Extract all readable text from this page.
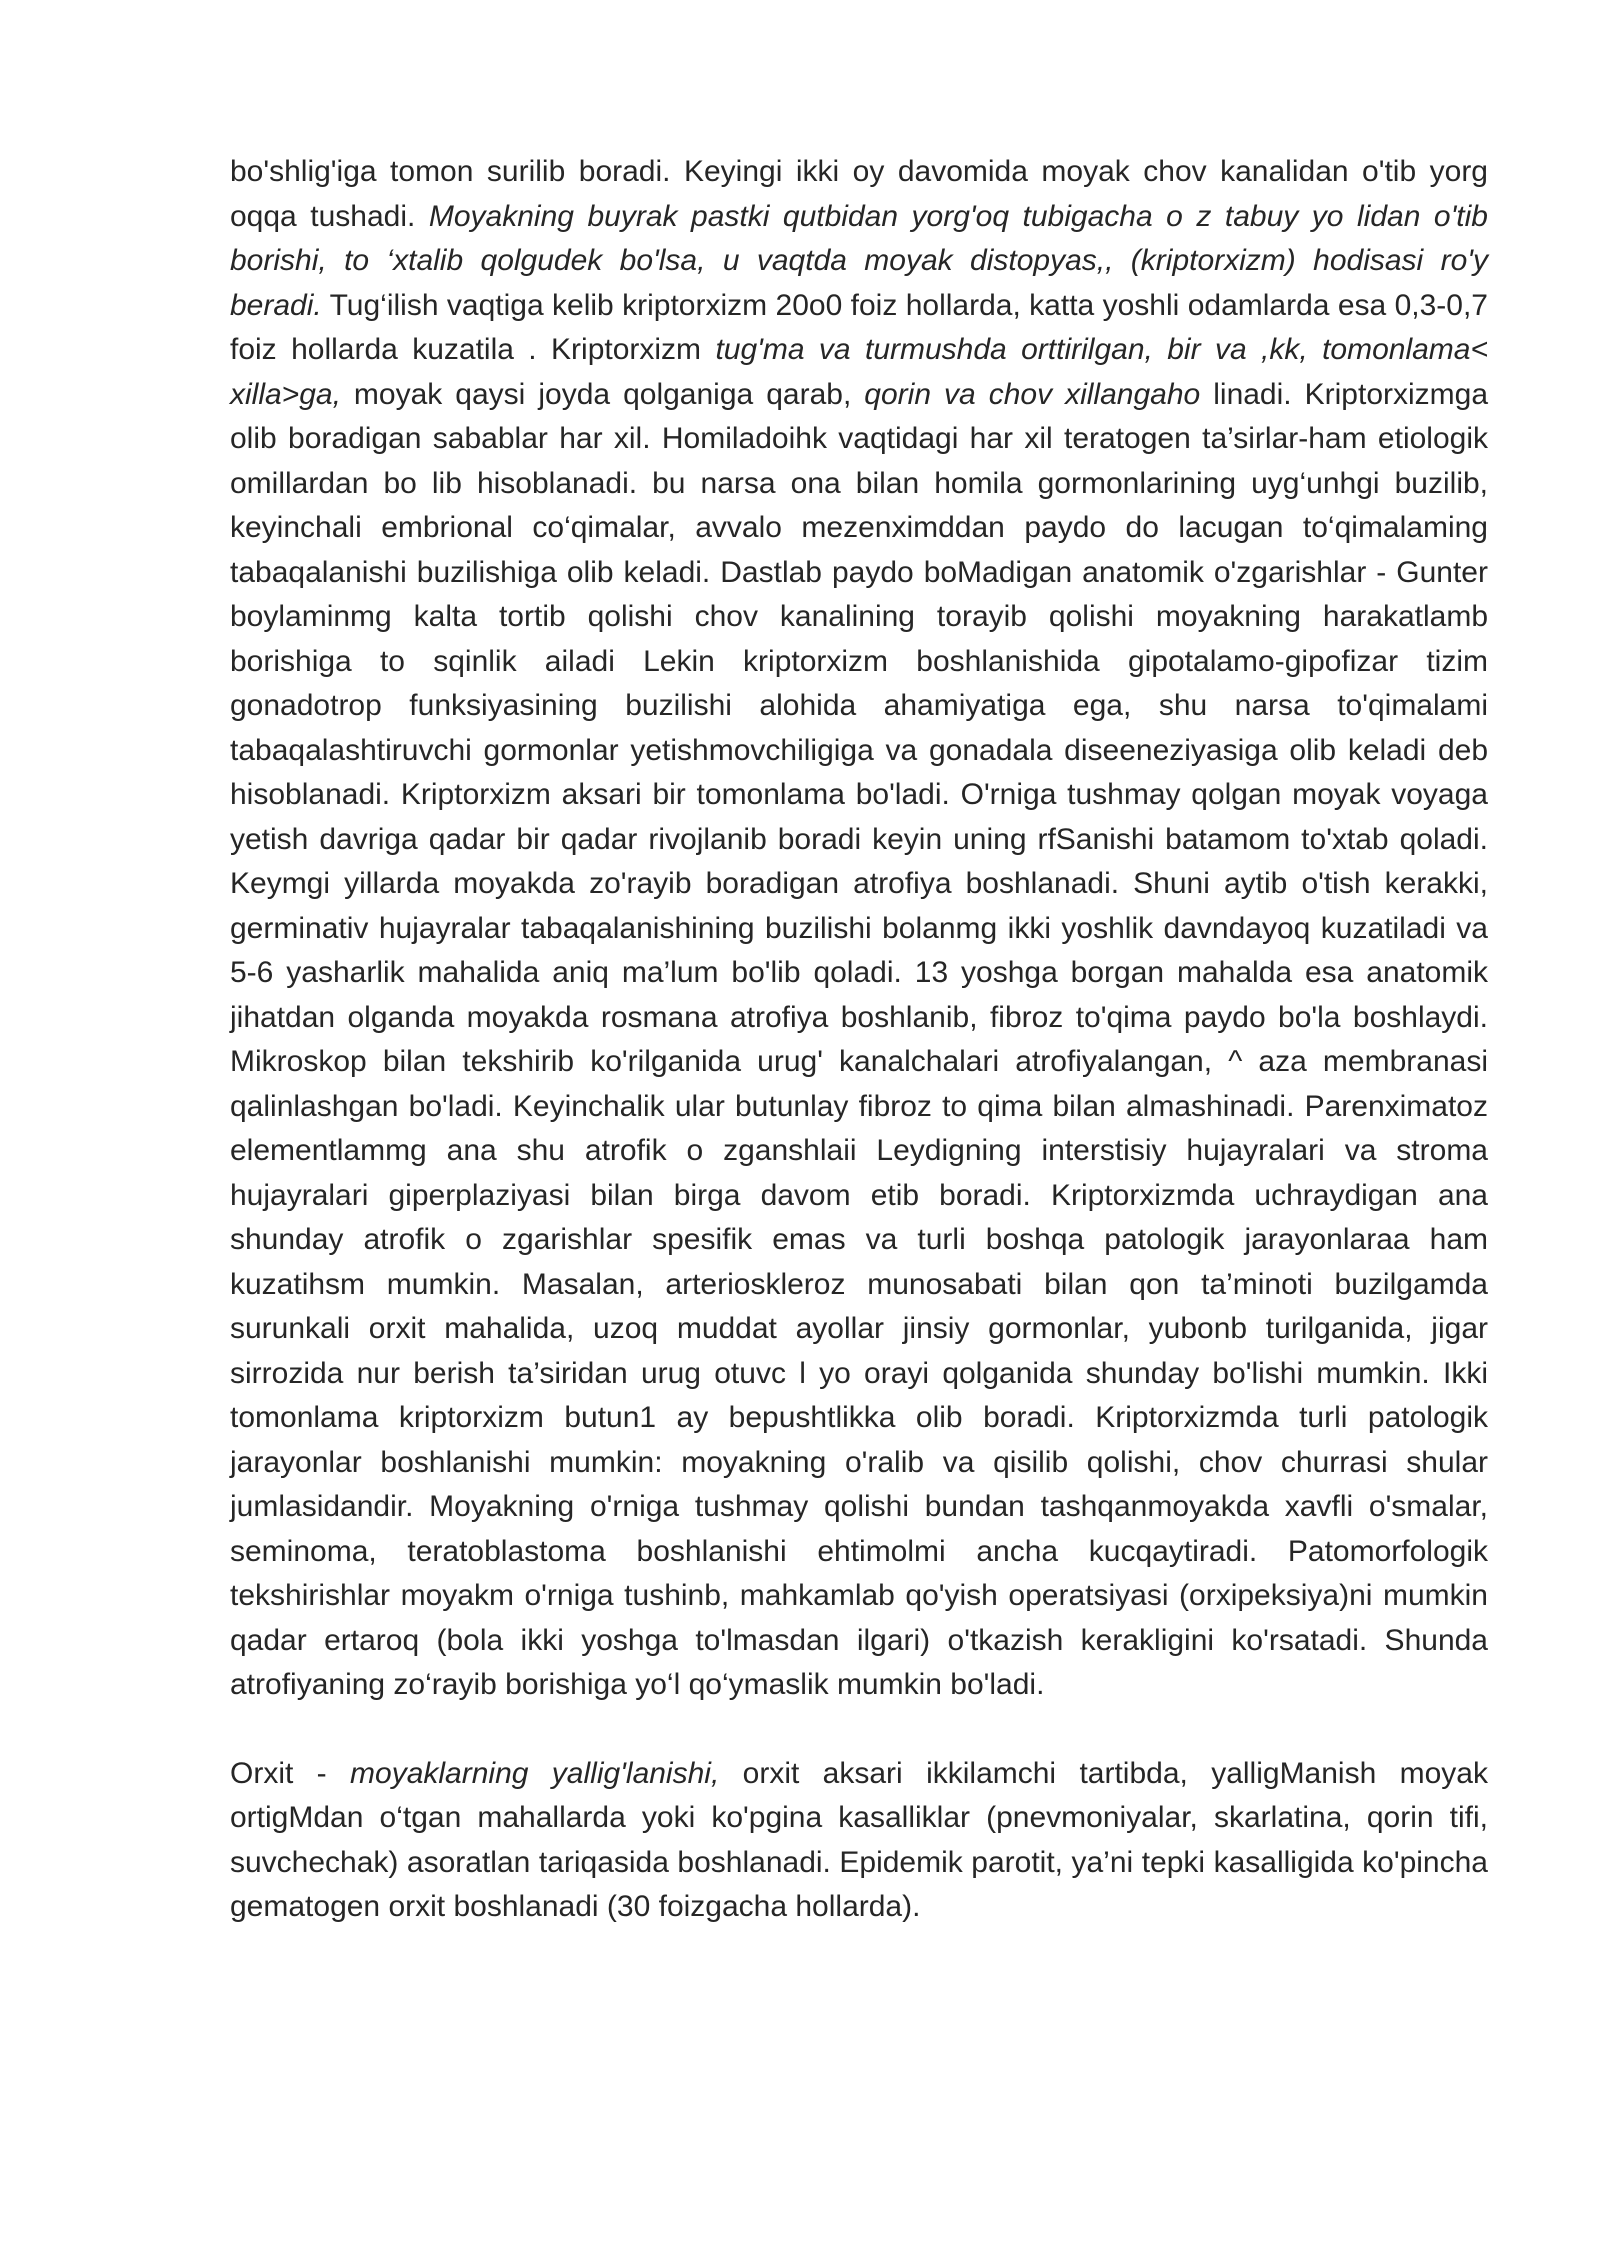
bo'shlig'iga tomon surilib boradi. Keyingi ikki oy davomida moyak chov kanalidan o'tib yorg oqqa tushadi. Moyakning buyrak pastki qutbidan yorg'oq tubigacha o z tabuy yo lidan o'tib borishi, to ‘xtalib qolgudek bo'lsa, и vaqtda moyak distopyas,, (kriptorxizm) hodisasi ro'y beradi. Tug‘ilish vaqtiga kelib kriptorxizm 20o0 foiz hollarda, katta yoshli odamlarda esa 0,3-0,7 foiz hollarda kuzatila . Kriptorxizm tug'ma va turmushda orttirilgan, bir va ,kk, tomonlama< xilla>ga, moyak qaysi joyda qolganiga qarab, qorin va chov xillangaho linadi. Kriptorxizmga olib boradigan sabablar har xil. Homiladoihk vaqtidagi har xil teratogen ta’sirlar-ham etiologik omillardan bo lib hisoblanadi. bu narsa ona bilan homila gormonlarining uyg‘unhgi buzilib, keyinchali embrional co‘qimalar, avvalo mezenximddan paydo do lacugan to‘qimalaming tabaqalanishi buzilishiga olib keladi. Dastlab paydo boMadigan anatomik o'zgarishlar - Gunter boylaminmg kalta tortib qolishi chov kanalining torayib qolishi moyakning harakatlamb borishiga to sqinlik ailadi Lekin kriptorxizm boshlanishida gipotalamo-gipofizar tizim gonadotrop funksiyasining buzilishi alohida ahamiyatiga ega, shu narsa to'qimalami tabaqalashtiruvchi gormonlar yetishmovchiligiga va gonadala diseeneziyasiga olib keladi deb hisoblanadi. Kriptorxizm aksari bir tomonlama bo'ladi. O'rniga tushmay qolgan moyak voyaga yetish davriga qadar bir qadar rivojlanib boradi keyin uning rfSanishi batamom to'xtab qoladi. Keymgi yillarda moyakda zo'rayib boradigan atrofiya boshlanadi. Shuni aytib o'tish kerakki, germinativ hujayralar tabaqalanishining buzilishi bolanmg ikki yoshlik davndayoq kuzatiladi va 5-6 yasharlik mahalida aniq ma’lum bo'lib qoladi. 13 yoshga borgan mahalda esa anatomik jihatdan olganda moyakda rosmana atrofiya boshlanib, fibroz to'qima paydo bo'la boshlaydi. Mikroskop bilan tekshirib ko'rilganida urug' kanalchalari atrofiyalangan, ^ aza membranasi qalinlashgan bo'ladi. Keyinchalik ular butunlay fibroz to qima bilan almashinadi. Parenximatoz elementlammg ana shu atrofik o zganshlaii Leydigning interstisiy hujayralari va stroma hujayralari giperplaziyasi bilan birga davom etib boradi. Kriptorxizmda uchraydigan ana shunday atrofik o zgarishlar spesifik emas va turli boshqa patologik jarayonlaraa ham kuzatihsm mumkin. Masalan, arterioskleroz munosabati bilan qon ta’minoti buzilgamda surunkali orxit mahalida, uzoq muddat ayollar jinsiy gormonlar, yubonb turilganida, jigar sirrozida nur berish ta’siridan urug otuvc l yo orayi qolganida shunday bo'lishi mumkin. Ikki tomonlama kriptorxizm butun1 ay bepushtlikka olib boradi. Kriptorxizmda turli patologik jarayonlar boshlanishi mumkin: moyakning o'ralib va qisilib qolishi, chov churrasi shular jumlasidandir. Moyakning o'rniga tushmay qolishi bundan tashqanmoyakda xavfli o'smalar, seminoma, teratoblastoma boshlanishi ehtimolmi ancha kucqaytiradi. Patomorfologik tekshirishlar moyakm o'rniga tushinb, mahkamlab qo'yish operatsiyasi (orxipeksiya)ni mumkin qadar ertaroq (bola ikki yoshga to'lmasdan ilgari) o'tkazish kerakligini ko'rsatadi. Shunda atrofiyaning zo‘rayib borishiga yo‘l qo‘ymaslik mumkin bo'ladi.

Orxit - moyaklarning yallig'lanishi, orxit aksari ikkilamchi tartibda, yalligManish moyak ortigMdan o‘tgan mahallarda yoki ko'pgina kasalliklar (pnevmoniyalar, skarlatina, qorin tifi, suvchechak) asoratlan tariqasida boshlanadi. Epidemik parotit, ya’ni tepki kasalligida ko'pincha gematogen orxit boshlanadi (30 foizgacha hollarda).
